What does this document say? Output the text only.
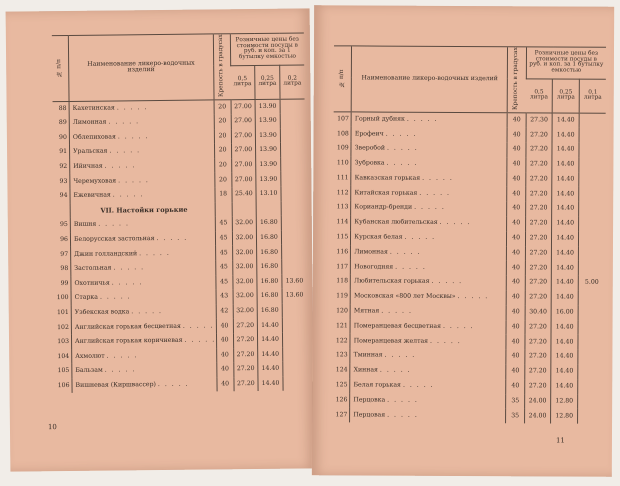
№ п/п	Наименование ликеро-водочных изделий	Крепость в градусах	Розничные цены без стоимости посуды в руб. и коп. за 1 бутылку емкостью		
			0,5 литра	0,25 литра	0,2 литра
88	Кахетинская . . . . .	20	27.00	13.90	
89	Лимонная . . . . .	20	27.00	13.90	
90	Облепиховая . . . . .	20	27.00	13.90	
91	Уральская . . . . .	20	27.00	13.90	
92	Ийичная . . . . .	20	27.00	13.90	
93	Черемуховая . . . . .	20	27.00	13.90	
94	Ежевичная . . . . .	18	25.40	13.10	
	VII. Настойки горькие				
95	Вишня . . . . .	45	32.00	16.80	
96	Белорусская застольная . . . . .	45	32.00	16.80	
97	Джин голландский . . . . .	45	32.00	16.80	
98	Застольная . . . . .	45	32.00	16.80	
99	Охотничья . . . . .	45	32.00	16.80	13.60
100	Старка . . . . .	43	32.00	16.80	13.60
101	Узбекская водка . . . . .	42	32.00	16.80	
102	Английская горькая бесцветная . . . . .	40	27.20	14.40	
103	Английская горькая коричневая . . . . .	40	27.20	14.40	
104	Ахмолют . . . . .	40	27.20	14.40	
105	Бальзам . . . . .	40	27.20	14.40	
106	Вишневая (Киршвассер) . . . . .	40	27.20	14.40	
10
№ п/п	Наименование ликеро-водочных изделий	Крепость в градусах	Розничные цены без стоимости посуды в руб. и коп. за 1 бутылку емкостью		
			0,5 литра	0,25 литра	0,1 литра
107	Горный дубняк . . . . .	40	27.30	14.40	
108	Ерофеич . . . . .	40	27.20	14.40	
109	Зверобой . . . . .	40	27.20	14.40	
110	Зубровка . . . . .	40	27.20	14.40	
111	Кавказская горькая . . . . .	40	27.20	14.40	
112	Китайская горькая . . . . .	40	27.20	14.40	
113	Кориандр-бренди . . . . .	40	27.20	14.40	
114	Кубанская любительская . . . . .	40	27.20	14.40	
115	Курская белая . . . . .	40	27.20	14.40	
116	Лимонная . . . . .	40	27.20	14.40	
117	Новогодняя . . . . .	40	27.20	14.40	
118	Любительская горькая . . . . .	40	27.20	14.40	5.00
119	Московская «800 лет Москвы» . . . . .	40	27.20	14.40	
120	Мятная . . . . .	40	30.40	16.00	
121	Померанцевая бесцветная . . . . .	40	27.20	14.40	
122	Померанцевая желтая . . . . .	40	27.20	14.40	
123	Тминная . . . . .	40	27.20	14.40	
124	Хинная . . . . .	40	27.20	14.40	
125	Белая горькая . . . . .	40	27.20	14.40	
126	Перцовка . . . . .	35	24.00	12.80	
127	Перцовая . . . . .	35	24.00	12.80	
11
